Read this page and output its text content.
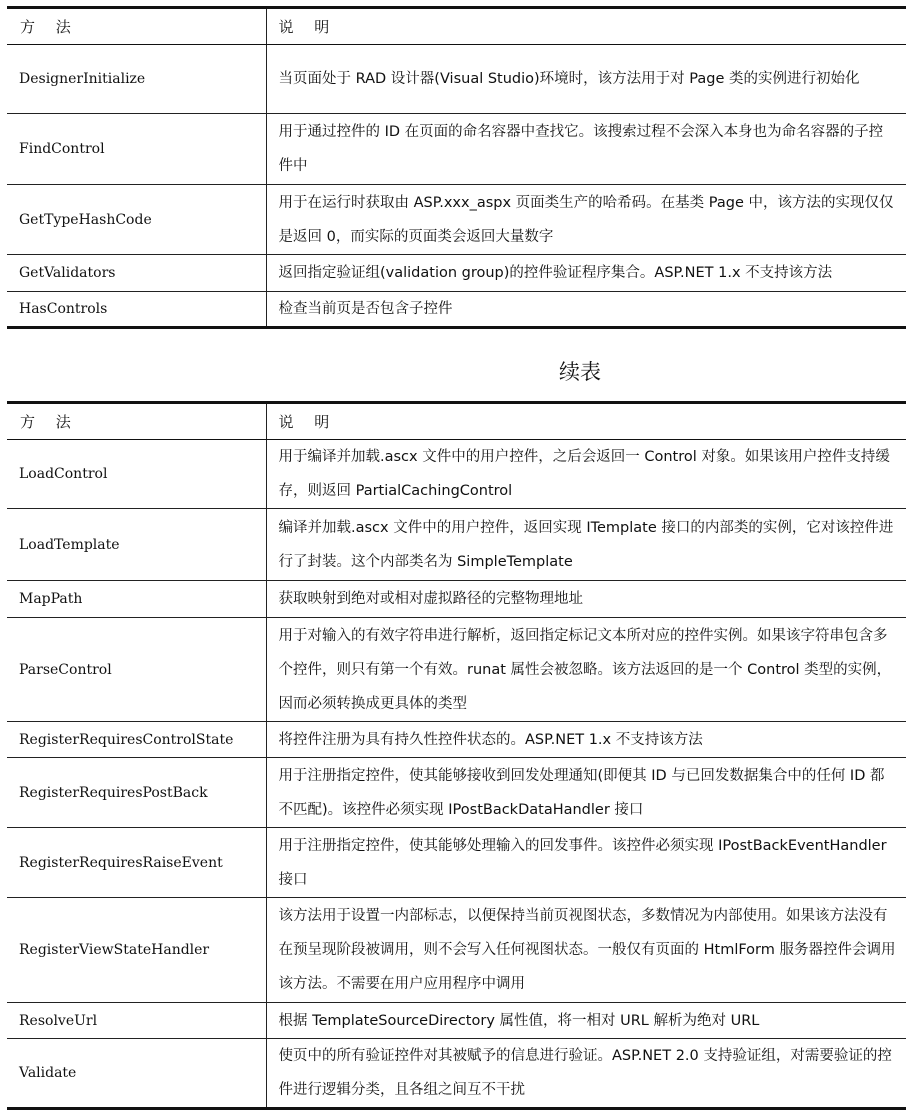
方 法	说 明
DesignerInitialize	当页面处于 RAD 设计器(Visual Studio)环境时，该方法用于对 Page 类的实例进行初始化
FindControl	用于通过控件的 ID 在页面的命名容器中查找它。该搜索过程不会深入本身也为命名容器的子控件中
GetTypeHashCode	用于在运行时获取由 ASP.xxx_aspx 页面类生产的哈希码。在基类 Page 中，该方法的实现仅仅是返回 0，而实际的页面类会返回大量数字
GetValidators	返回指定验证组(validation group)的控件验证程序集合。ASP.NET 1.x 不支持该方法
HasControls	检查当前页是否包含子控件
续表
方 法	说 明
LoadControl	用于编译并加载.ascx 文件中的用户控件，之后会返回一 Control 对象。如果该用户控件支持缓存，则返回 PartialCachingControl
LoadTemplate	编译并加载.ascx 文件中的用户控件，返回实现 ITemplate 接口的内部类的实例，它对该控件进行了封装。这个内部类名为 SimpleTemplate
MapPath	获取映射到绝对或相对虚拟路径的完整物理地址
ParseControl	用于对输入的有效字符串进行解析，返回指定标记文本所对应的控件实例。如果该字符串包含多个控件，则只有第一个有效。runat 属性会被忽略。该方法返回的是一个 Control 类型的实例，因而必须转换成更具体的类型
RegisterRequiresControlState	将控件注册为具有持久性控件状态的。ASP.NET 1.x 不支持该方法
RegisterRequiresPostBack	用于注册指定控件，使其能够接收到回发处理通知(即便其 ID 与已回发数据集合中的任何 ID 都不匹配)。该控件必须实现 IPostBackDataHandler 接口
RegisterRequiresRaiseEvent	用于注册指定控件，使其能够处理输入的回发事件。该控件必须实现 IPostBackEventHandler 接口
RegisterViewStateHandler	该方法用于设置一内部标志，以便保持当前页视图状态，多数情况为内部使用。如果该方法没有在预呈现阶段被调用，则不会写入任何视图状态。一般仅有页面的 HtmlForm 服务器控件会调用该方法。不需要在用户应用程序中调用
ResolveUrl	根据 TemplateSourceDirectory 属性值，将一相对 URL 解析为绝对 URL
Validate	使页中的所有验证控件对其被赋予的信息进行验证。ASP.NET 2.0 支持验证组，对需要验证的控件进行逻辑分类，且各组之间互不干扰
